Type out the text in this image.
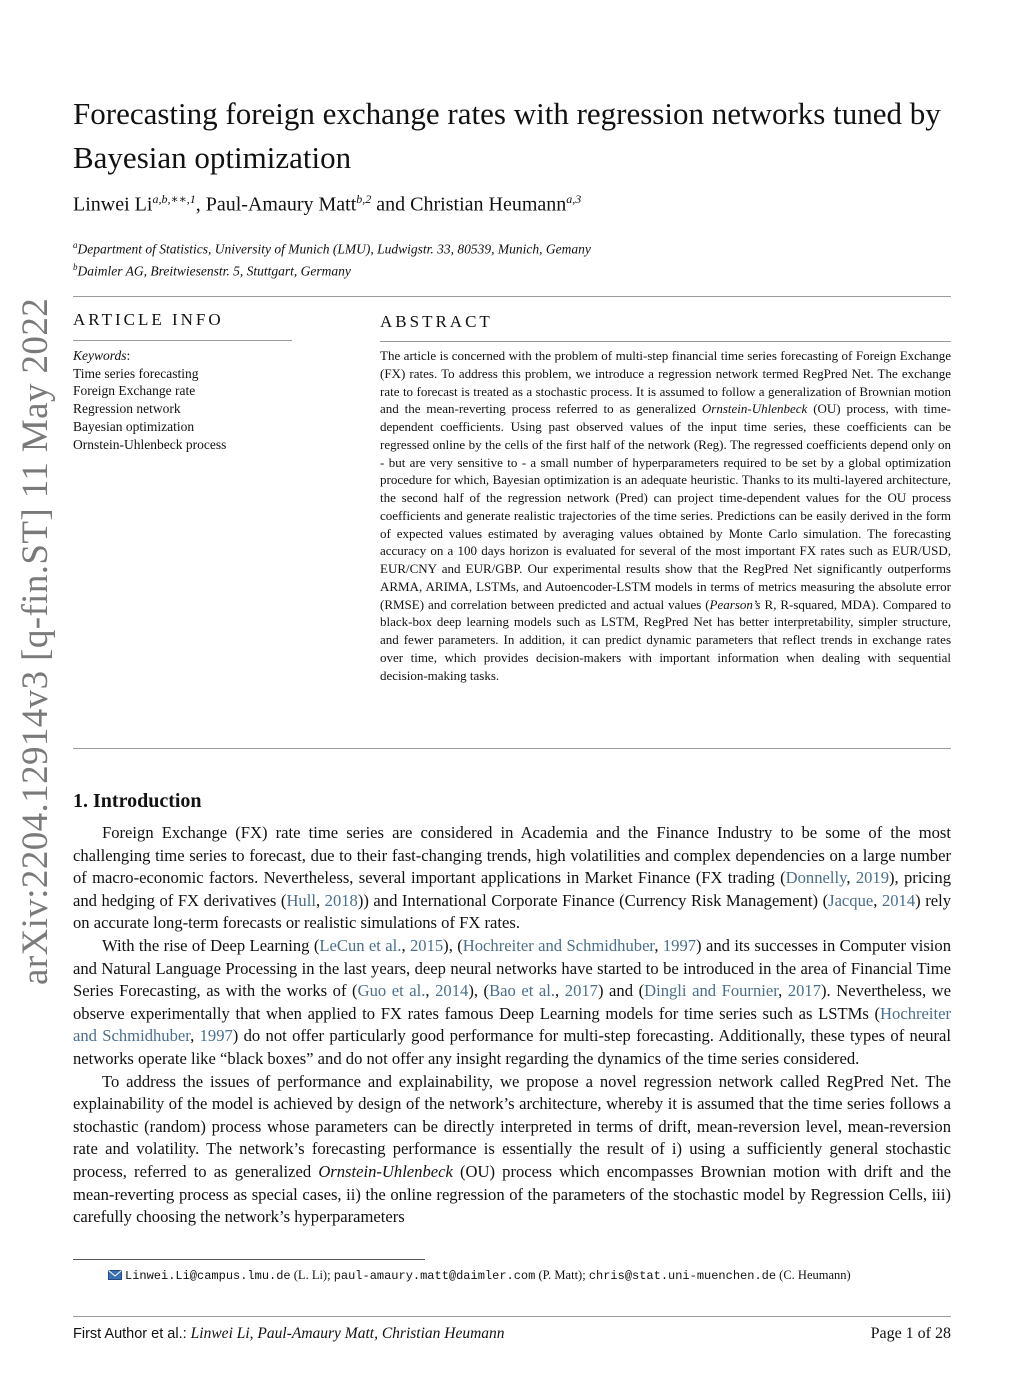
arXiv:2204.12914v3 [q-fin.ST] 11 May 2022
Forecasting foreign exchange rates with regression networks tuned by Bayesian optimization
Linwei $Li^{a,b,∗∗,1}$, Paul-Amaury Matt$^{b,2}$ and Christian Heumann$^{a,3}$
$^a$Department of Statistics, University of Munich (LMU), Ludwigstr. 33, 80539, Munich, Gemany
$^b$Daimler AG, Breitwiesenstr. 5, Stuttgart, Germany
ARTICLE INFO
Keywords:
Time series forecasting
Foreign Exchange rate
Regression network
Bayesian optimization
Ornstein-Uhlenbeck process
ABSTRACT

The article is concerned with the problem of multi-step financial time series forecasting of Foreign Exchange (FX) rates. To address this problem, we introduce a regression network termed RegPred Net. The exchange rate to forecast is treated as a stochastic process. It is assumed to follow a generalization of Brownian motion and the mean-reverting process referred to as generalized Ornstein-Uhlenbeck (OU) process, with time-dependent coefficients. Using past observed values of the input time series, these coefficients can be regressed online by the cells of the first half of the network (Reg). The regressed coefficients depend only on - but are very sensitive to - a small number of hyperparameters required to be set by a global optimization procedure for which, Bayesian optimization is an adequate heuristic. Thanks to its multi-layered architecture, the second half of the regression network (Pred) can project time-dependent values for the OU process coefficients and generate realistic trajectories of the time series. Predictions can be easily derived in the form of expected values estimated by averaging values obtained by Monte Carlo simulation. The forecasting accuracy on a 100 days horizon is evaluated for several of the most important FX rates such as EUR/USD, EUR/CNY and EUR/GBP. Our experimental results show that the RegPred Net significantly outperforms ARMA, ARIMA, LSTMs, and Autoencoder-LSTM models in terms of metrics measuring the absolute error (RMSE) and correlation between predicted and actual values (Pearson’s R, R-squared, MDA). Compared to black-box deep learning models such as LSTM, RegPred Net has better interpretability, simpler structure, and fewer parameters. In addition, it can predict dynamic parameters that reflect trends in exchange rates over time, which provides decision-makers with important information when dealing with sequential decision-making tasks.

1. Introduction

Foreign Exchange (FX) rate time series are considered in Academia and the Finance Industry to be some of the most challenging time series to forecast, due to their fast-changing trends, high volatilities and complex dependencies on a large number of macro-economic factors. Nevertheless, several important applications in Market Finance (FX trading (Donnelly, 2019), pricing and hedging of FX derivatives (Hull, 2018)) and International Corporate Finance (Currency Risk Management) (Jacque, 2014) rely on accurate long-term forecasts or realistic simulations of FX rates.

With the rise of Deep Learning (LeCun et al., 2015), (Hochreiter and Schmidhuber, 1997) and its successes in Computer vision and Natural Language Processing in the last years, deep neural networks have started to be introduced in the area of Financial Time Series Forecasting, as with the works of (Guo et al., 2014), (Bao et al., 2017) and (Dingli and Fournier, 2017). Nevertheless, we observe experimentally that when applied to FX rates famous Deep Learning models for time series such as LSTMs (Hochreiter and Schmidhuber, 1997) do not offer particularly good performance for multi-step forecasting. Additionally, these types of neural networks operate like “black boxes” and do not offer any insight regarding the dynamics of the time series considered.

To address the issues of performance and explainability, we propose a novel regression network called RegPred Net. The explainability of the model is achieved by design of the network’s architecture, whereby it is assumed that the time series follows a stochastic (random) process whose parameters can be directly interpreted in terms of drift, mean-reversion level, mean-reversion rate and volatility. The network’s forecasting performance is essentially the result of i) using a sufficiently general stochastic process, referred to as generalized Ornstein-Uhlenbeck (OU) process which encompasses Brownian motion with drift and the mean-reverting process as special cases, ii) the online regression of the parameters of the stochastic model by Regression Cells, iii) carefully choosing the network’s hyperparameters

Linwei.Li@campus.lmu.de (L. Li); paul-amaury.matt@daimler.com (P. Matt); chris@stat.uni-muenchen.de (C. Heumann)
First Author et al.: Linwei Li, Paul-Amaury Matt, Christian Heumann	Page 1 of 28
